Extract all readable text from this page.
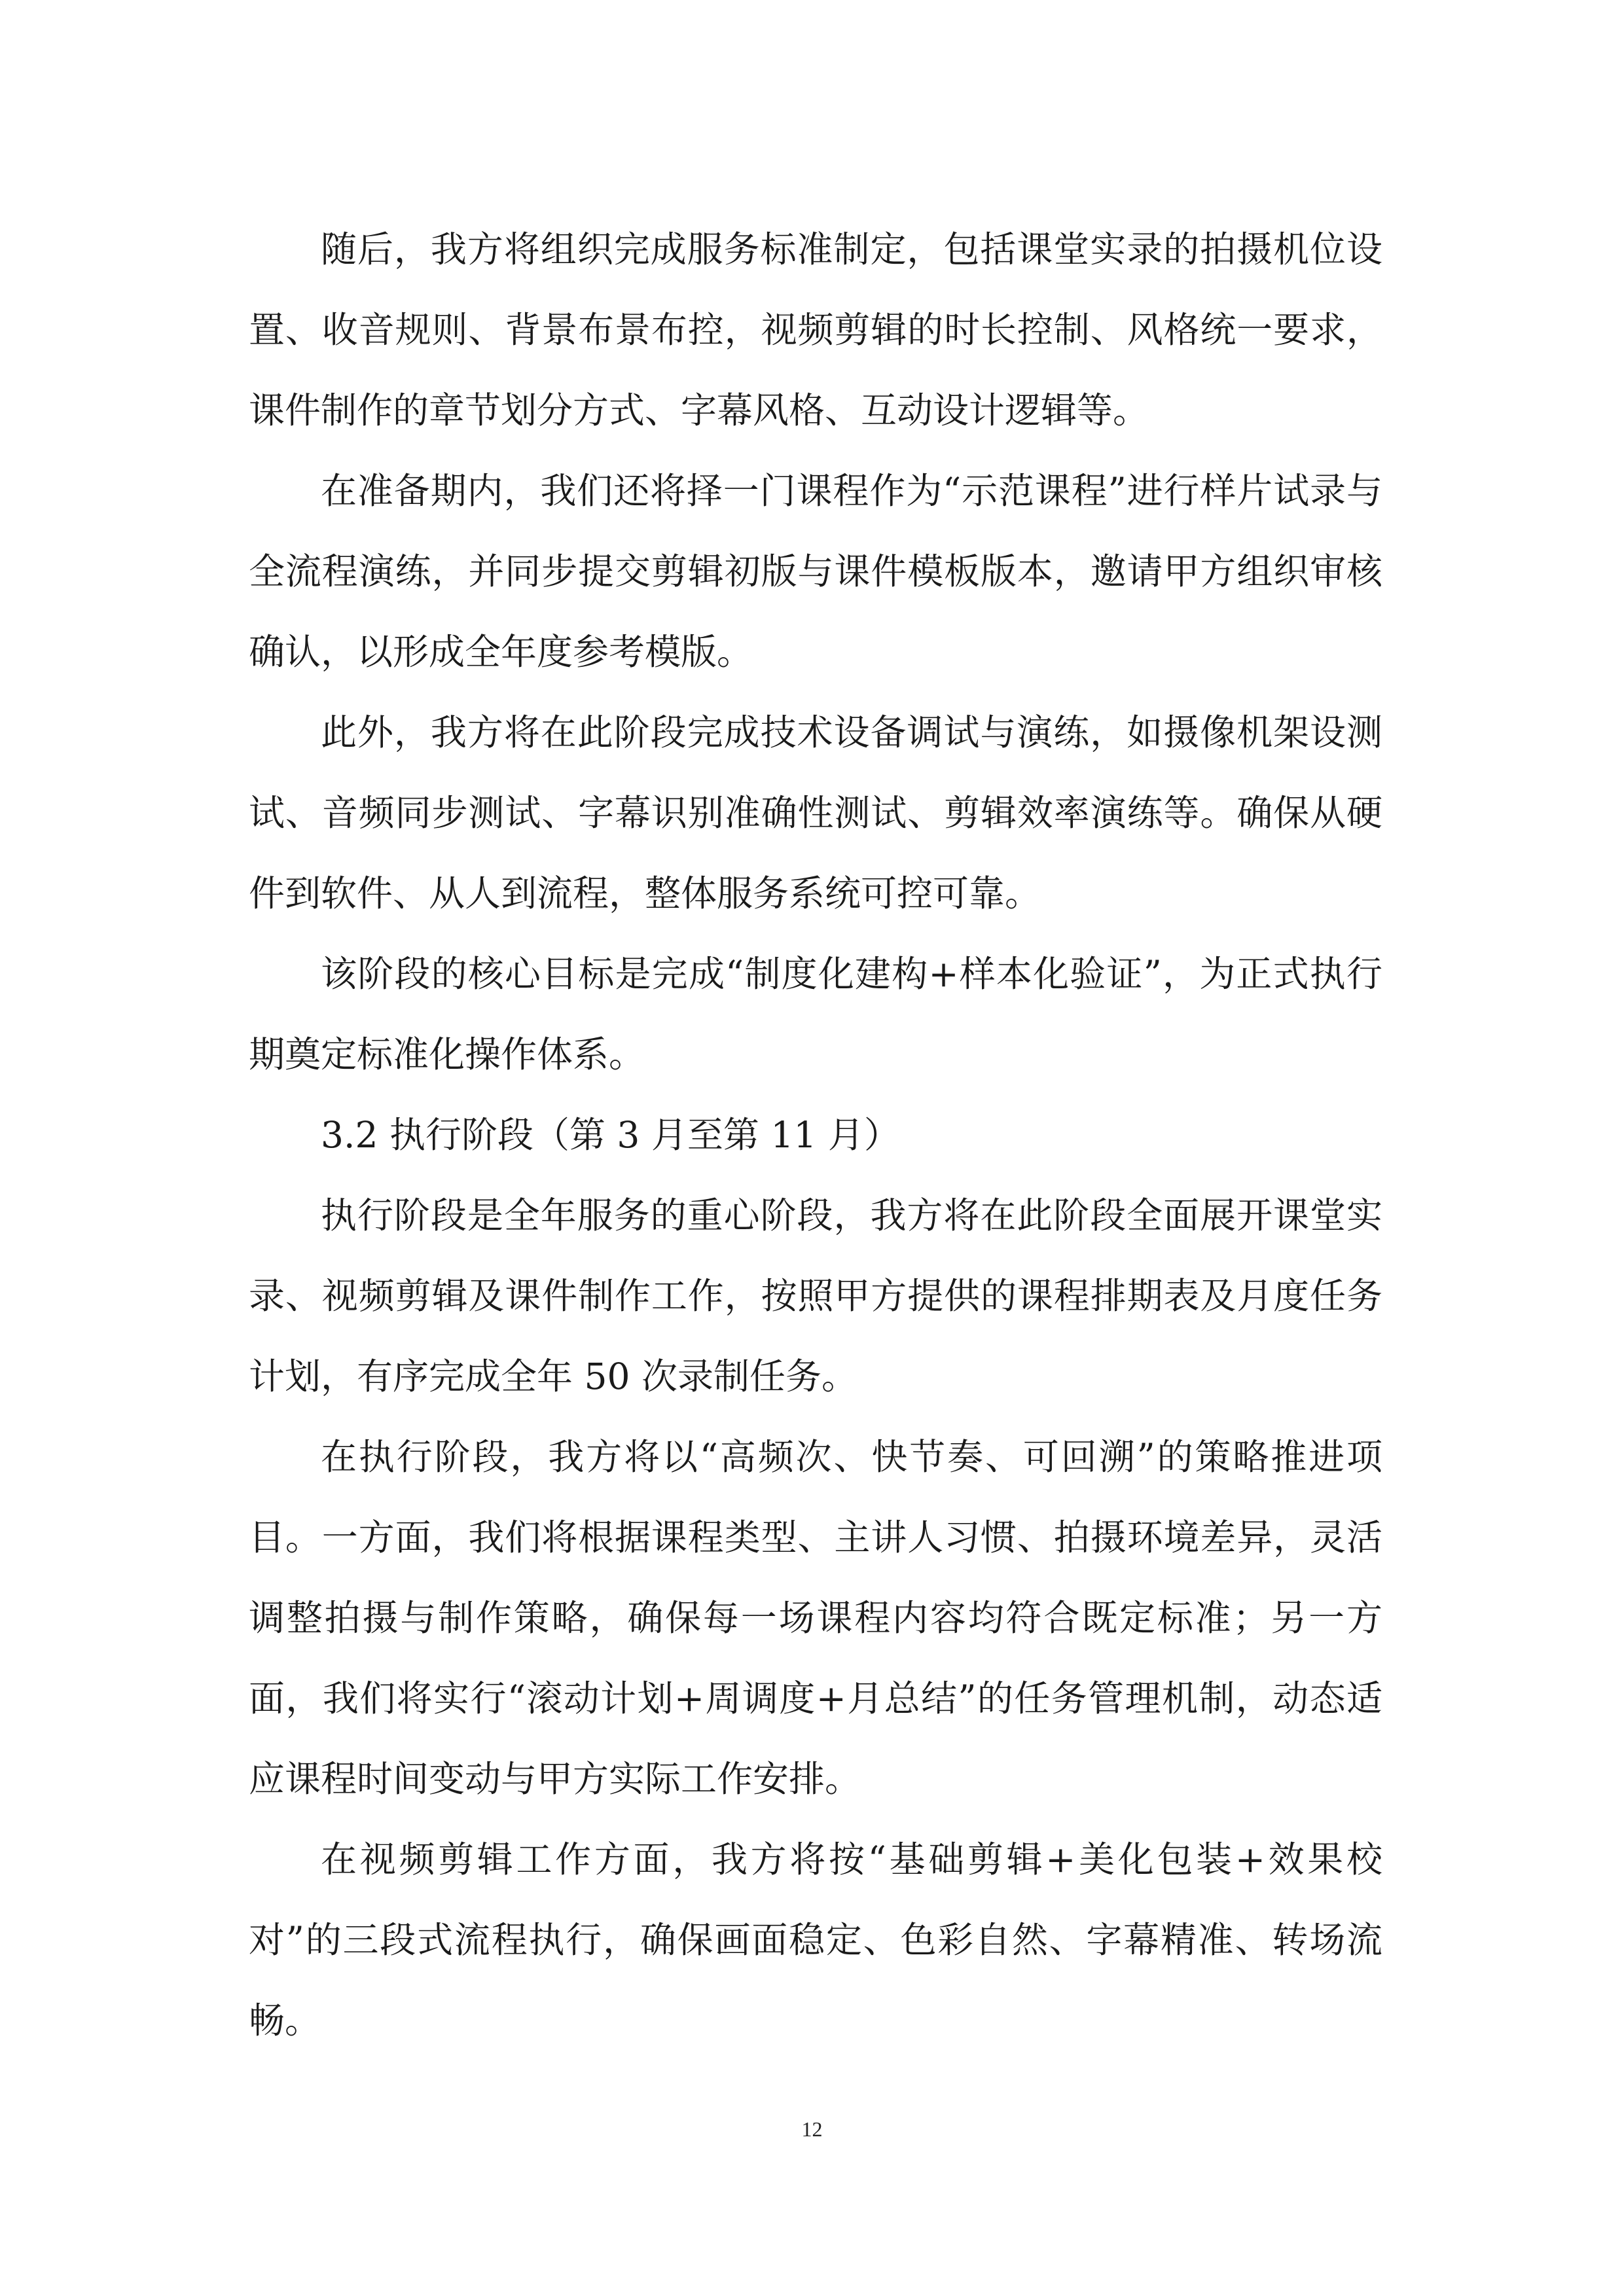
随后，我方将组织完成服务标准制定，包括课堂实录的拍摄机位设置、收音规则、背景布景布控，视频剪辑的时长控制、风格统一要求，课件制作的章节划分方式、字幕风格、互动设计逻辑等。

在准备期内，我们还将择一门课程作为“示范课程”进行样片试录与全流程演练，并同步提交剪辑初版与课件模板版本，邀请甲方组织审核确认，以形成全年度参考模版。

此外，我方将在此阶段完成技术设备调试与演练，如摄像机架设测试、音频同步测试、字幕识别准确性测试、剪辑效率演练等。确保从硬件到软件、从人到流程，整体服务系统可控可靠。

该阶段的核心目标是完成“制度化建构+样本化验证”，为正式执行期奠定标准化操作体系。

3.2 执行阶段（第 3 月至第 11 月）

执行阶段是全年服务的重心阶段，我方将在此阶段全面展开课堂实录、视频剪辑及课件制作工作，按照甲方提供的课程排期表及月度任务计划，有序完成全年 50 次录制任务。

在执行阶段，我方将以“高频次、快节奏、可回溯”的策略推进项目。一方面，我们将根据课程类型、主讲人习惯、拍摄环境差异，灵活调整拍摄与制作策略，确保每一场课程内容均符合既定标准；另一方面，我们将实行“滚动计划+周调度+月总结”的任务管理机制，动态适应课程时间变动与甲方实际工作安排。

在视频剪辑工作方面，我方将按“基础剪辑+美化包装+效果校对”的三段式流程执行，确保画面稳定、色彩自然、字幕精准、转场流畅。

12
